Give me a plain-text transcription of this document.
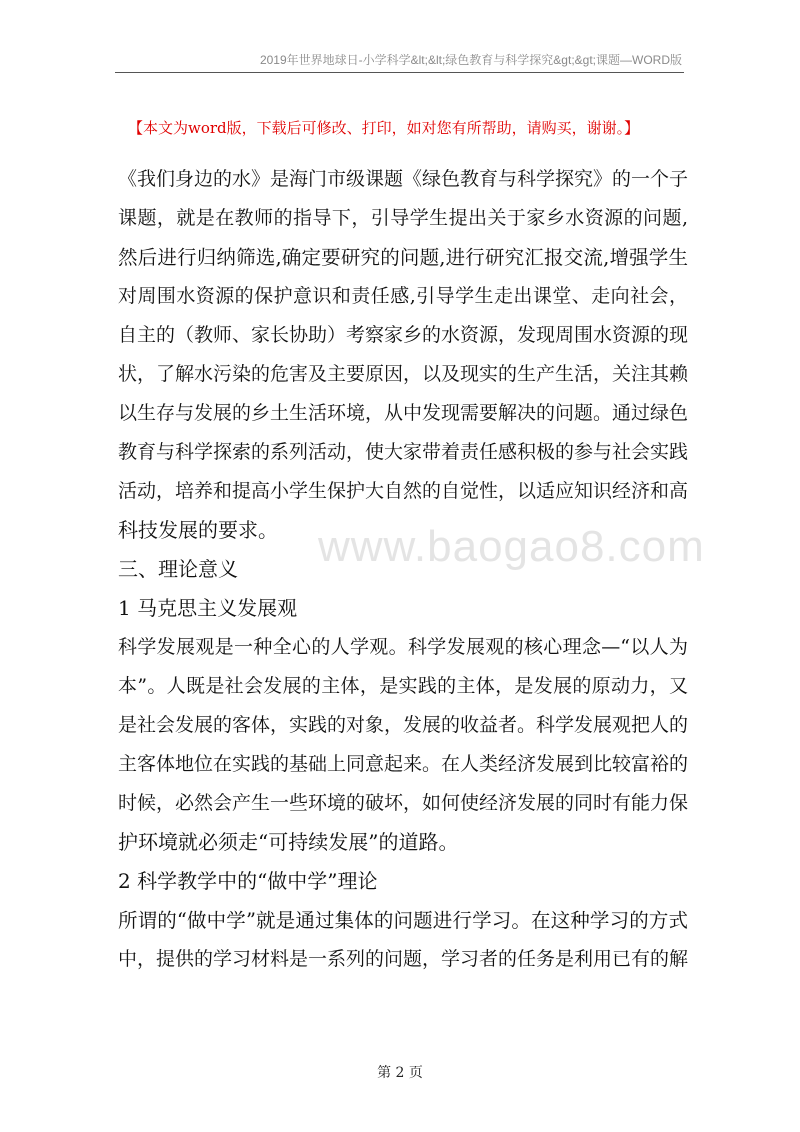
2019年世界地球日-小学科学&lt;&lt;绿色教育与科学探究&gt;&gt;课题—WORD版
【本文为word版，下载后可修改、打印，如对您有所帮助，请购买，谢谢。】
《我们身边的水》是海门市级课题《绿色教育与科学探究》的一个子
课题，就是在教师的指导下，引导学生提出关于家乡水资源的问题,
然后进行归纳筛选,确定要研究的问题,进行研究汇报交流,增强学生
对周围水资源的保护意识和责任感,引导学生走出课堂、走向社会，
自主的（教师、家长协助）考察家乡的水资源，发现周围水资源的现
状，了解水污染的危害及主要原因，以及现实的生产生活，关注其赖
以生存与发展的乡土生活环境，从中发现需要解决的问题。通过绿色
教育与科学探索的系列活动，使大家带着责任感积极的参与社会实践
活动，培养和提高小学生保护大自然的自觉性，以适应知识经济和高
科技发展的要求。
三、理论意义
1 马克思主义发展观
科学发展观是一种全心的人学观。科学发展观的核心理念—“以人为
本”。人既是社会发展的主体，是实践的主体，是发展的原动力，又
是社会发展的客体，实践的对象，发展的收益者。科学发展观把人的
主客体地位在实践的基础上同意起来。在人类经济发展到比较富裕的
时候，必然会产生一些环境的破坏，如何使经济发展的同时有能力保
护环境就必须走“可持续发展”的道路。
2 科学教学中的“做中学”理论
所谓的“做中学”就是通过集体的问题进行学习。在这种学习的方式
中，提供的学习材料是一系列的问题，学习者的任务是利用已有的解
www.baogao8.com
第 2 页
